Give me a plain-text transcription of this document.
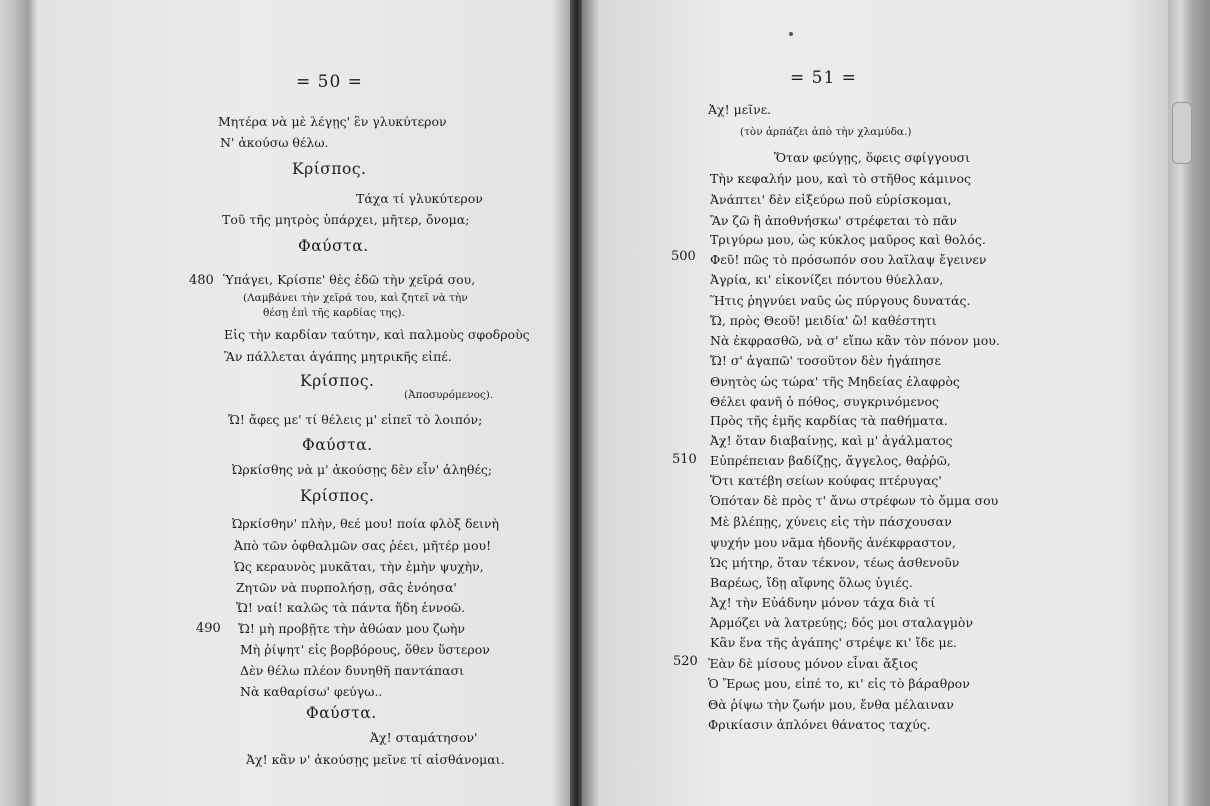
= 50 =
Μητέρα νὰ μὲ λέγῃς' ἓν γλυκύτερον
Ν' ἀκούσω θέλω.
Κρίσπος.
Τάχα τί γλυκύτερον
Τοῦ τῆς μητρὸς ὑπάρχει, μῆτερ, ὄνομα;
Φαύστα.
480 Ὑπάγει, Κρίσπε' θὲς ἐδῶ τὴν χεῖρά σου,
(Λαμβάνει τὴν χεῖρά του, καὶ ζητεῖ νὰ τὴν
θέσῃ ἐπὶ τῆς καρδίας της).
Εἰς τὴν καρδίαν ταύτην, καὶ παλμοὺς σφοδροὺς
Ἂν πάλλεται ἀγάπης μητρικῆς εἰπέ.
Κρίσπος.
(Ἀποσυρόμενος).
Ὤ! ἄφες με' τί θέλεις μ' εἰπεῖ τὸ λοιπόν;
Φαύστα.
Ὠρκίσθης νὰ μ' ἀκούσῃς δὲν εἶν' ἀληθές;
Κρίσπος.
Ὠρκίσθην' πλὴν, θεέ μου! ποία φλὸξ δεινὴ
Ἀπὸ τῶν ὀφθαλμῶν σας ῥέει, μῆτέρ μου!
Ὡς κεραυνὸς μυκᾶται, τὴν ἐμὴν ψυχὴν,
Ζητῶν νὰ πυρπολήσῃ, σᾶς ἐνόησα'
Ὤ! ναί! καλῶς τὰ πάντα ἤδη ἐννοῶ.
490 Ὤ! μὴ προβῇτε τὴν ἀθώαν μου ζωὴν
Μὴ ῥίψητ' εἰς βορβόρους, ὅθεν ὕστερον
Δὲν θέλω πλέον δυνηθῆ παντάπασι
Νὰ καθαρίσω' φεύγω..
Φαύστα.
Ἀχ! σταμάτησον'
Ἀχ! κἂν ν' ἀκούσῃς μεῖνε τί αἰσθάνομαι.
= 51 =
Ἀχ! μεῖνε.
(τὸν ἀρπάζει ἀπὸ τὴν χλαμύδα.)
Ὅταν φεύγῃς, ὅφεις σφίγγουσι
Τὴν κεφαλήν μου, καὶ τὸ στῆθος κάμινος
Ἀνάπτει' δὲν εἰξεύρω ποῦ εὑρίσκομαι,
Ἂν ζῶ ἢ ἀποθνήσκω' στρέφεται τὸ πᾶν
Τριγύρω μου, ὡς κύκλος μαῦρος καὶ θολός.
500 Φεῦ! πῶς τὸ πρόσωπόν σου λαῖλαψ ἔγεινεν
Ἀγρία, κι' εἰκονίζει πόντου θύελλαν,
Ἥτις ῥηγνύει ναῦς ὡς πύργους δυνατάς.
Ὤ, πρὸς Θεοῦ! μειδία' ὢ! καθέστητι
Νὰ ἐκφρασθῶ, νὰ σ' εἴπω κἂν τὸν πόνον μου.
Ὤ! σ' ἀγαπῶ' τοσοῦτον δὲν ἠγάπησε
Θνητὸς ὡς τώρα' τῆς Μηδείας ἐλαφρὸς
Θέλει φανῆ ὁ πόθος, συγκρινόμενος
Πρὸς τῆς ἐμῆς καρδίας τὰ παθήματα.
Ἀχ! ὅταν διαβαίνῃς, καὶ μ' ἀγάλματος
510 Εὐπρέπειαν βαδίζῃς, ἄγγελος, θαῤῥῶ,
Ὅτι κατέβη σείων κούφας πτέρυγας'
Ὁπόταν δὲ πρὸς τ' ἄνω στρέφων τὸ ὄμμα σου
Μὲ βλέπῃς, χύνεις εἰς τὴν πάσχουσαν
ψυχήν μου νᾶμα ἡδονῆς ἀνέκφραστον,
Ὡς μήτηρ, ὅταν τέκνον, τέως ἀσθενοῦν
Βαρέως, ἴδῃ αἴφνης ὅλως ὑγιές.
Ἀχ! τὴν Εὐάδνην μόνον τάχα διὰ τί
Ἁρμόζει νὰ λατρεύῃς; δός μοι σταλαγμὸν
Κἂν ἕνα τῆς ἀγάπης' στρέψε κι' ἴδε με.
520 Ἐὰν δὲ μίσους μόνον εἶναι ἄξιος
Ὁ Ἔρως μου, εἰπέ το, κι' εἰς τὸ βάραθρον
Θὰ ῥίψω τὴν ζωήν μου, ἔνθα μέλαιναν
Φρικίασιν ἁπλόνει θάνατος ταχύς.
